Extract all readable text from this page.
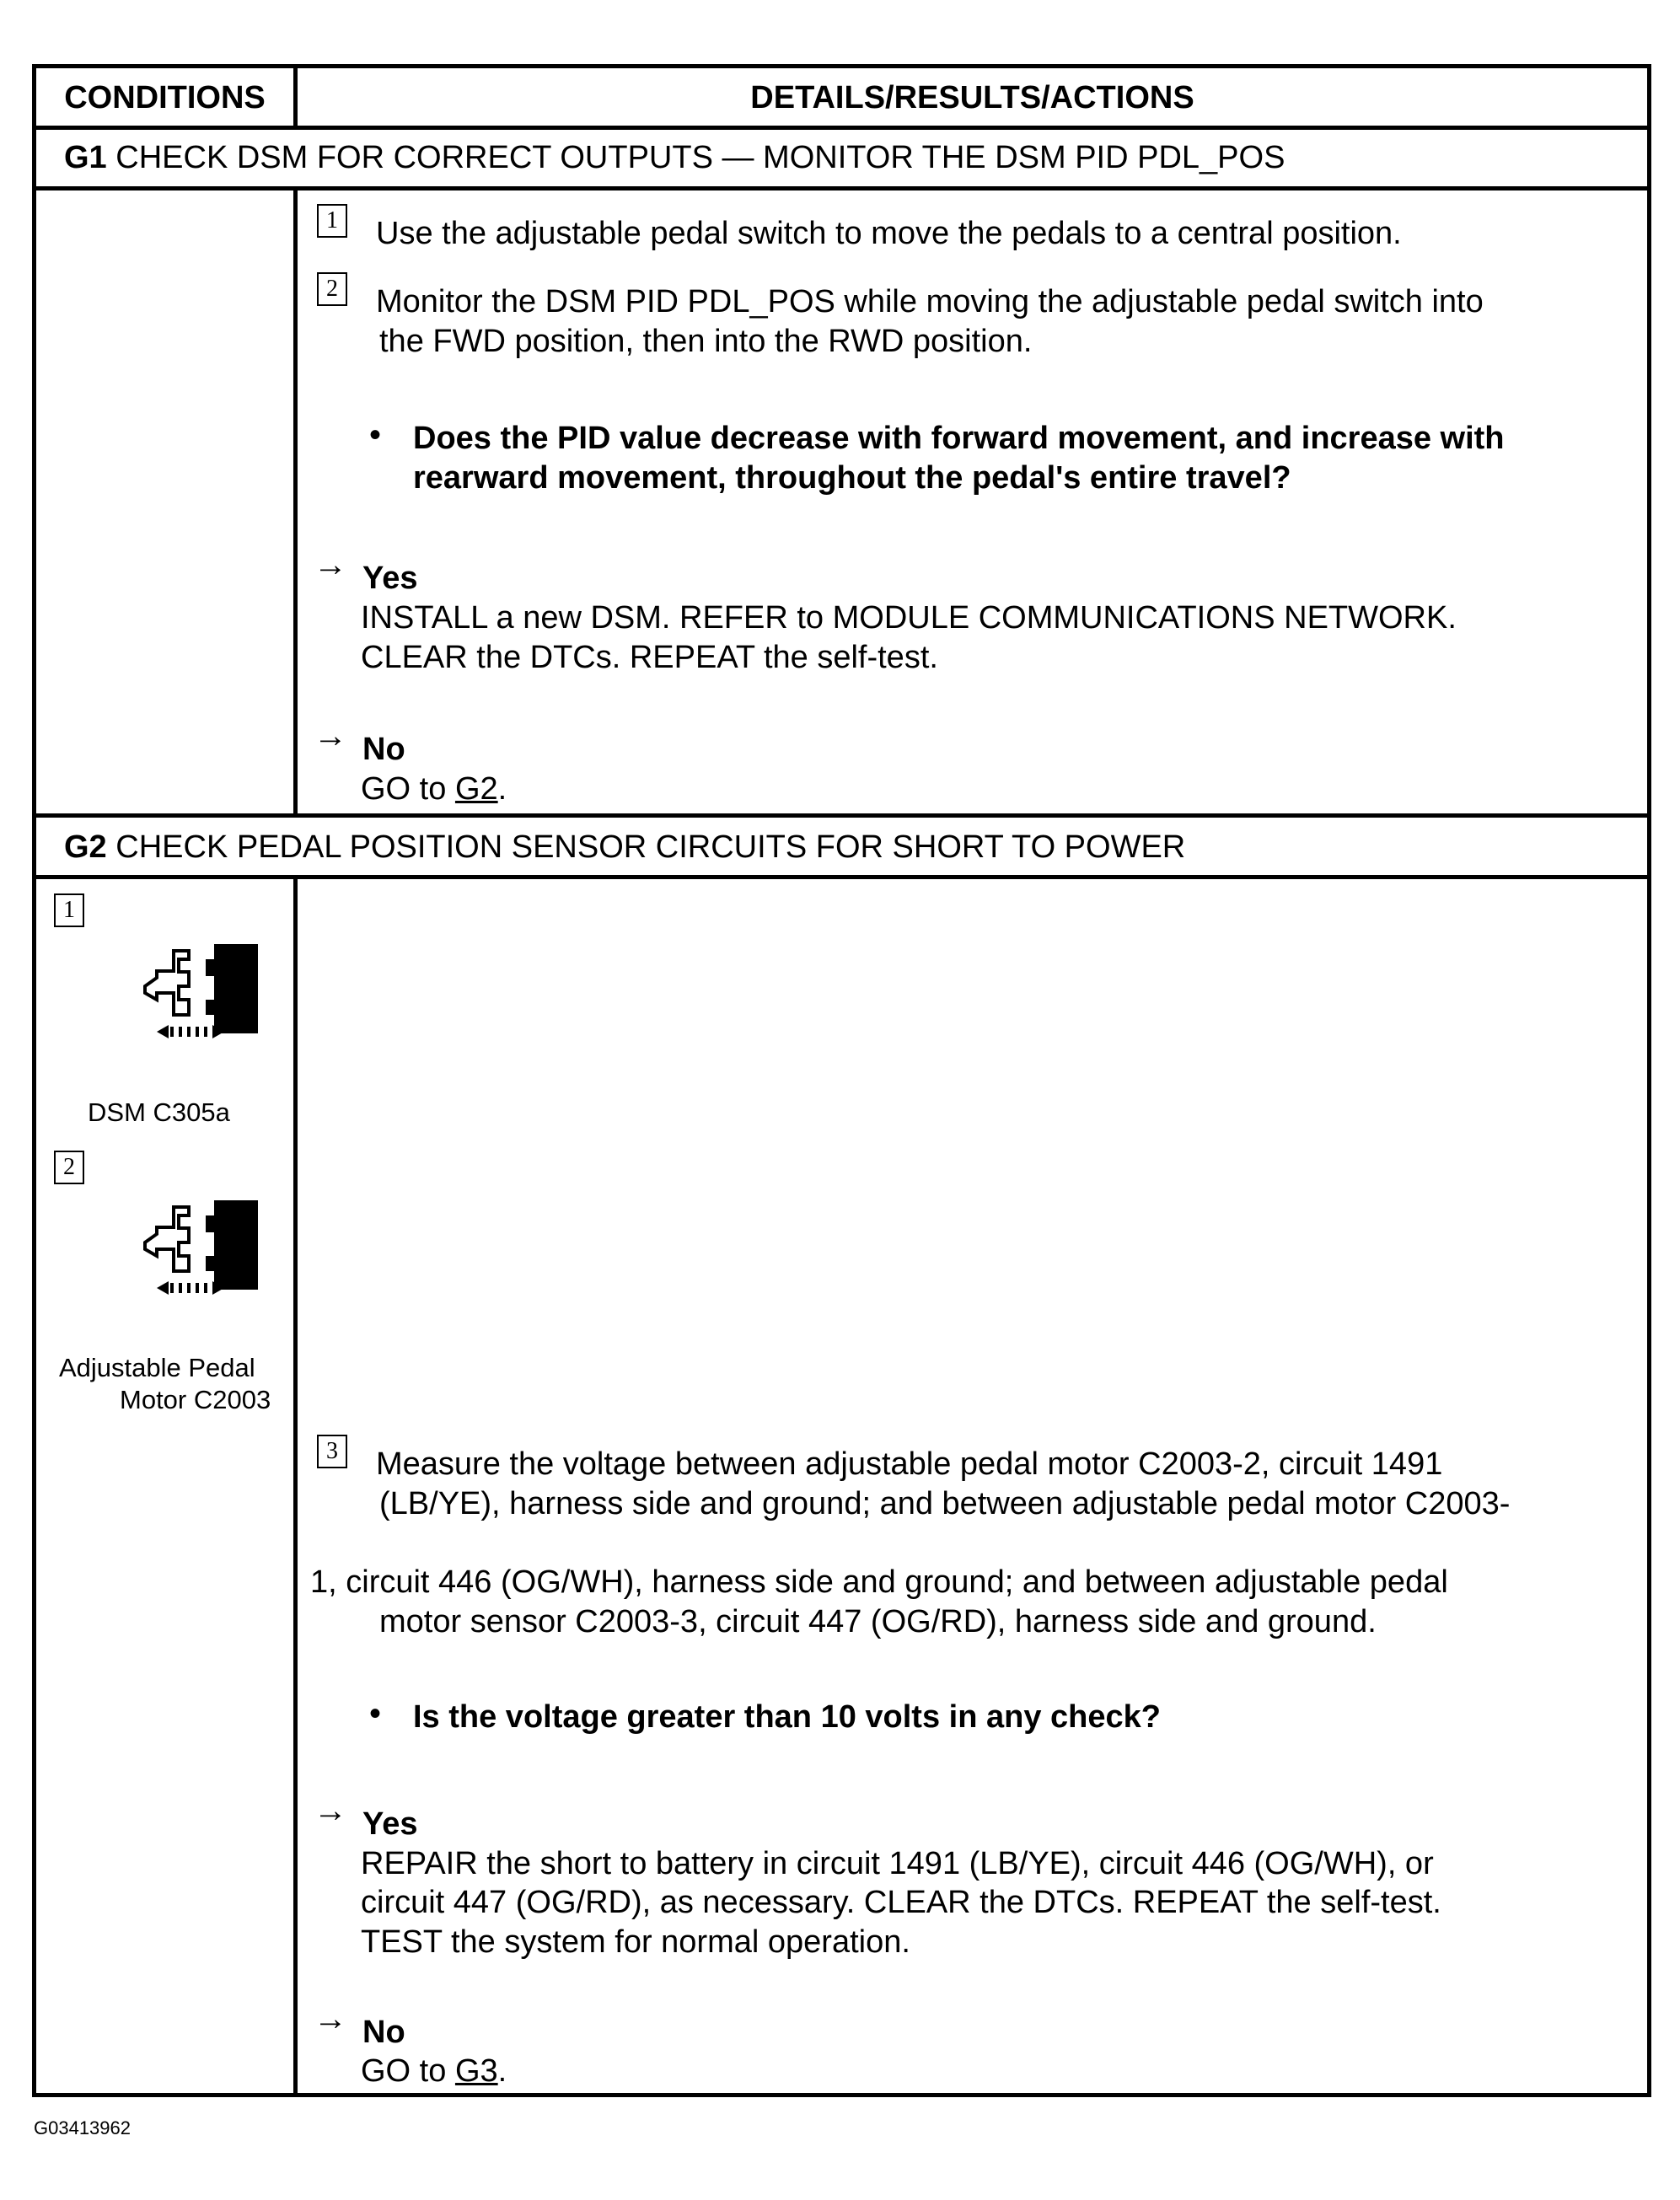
CONDITIONS	DETAILS/RESULTS/ACTIONS
G1 CHECK DSM FOR CORRECT OUTPUTS — MONITOR THE DSM PID PDL_POS
1 Use the adjustable pedal switch to move the pedals to a central position.
2 Monitor the DSM PID PDL_POS while moving the adjustable pedal switch into
the FWD position, then into the RWD position.
• Does the PID value decrease with forward movement, and increase with
rearward movement, throughout the pedal's entire travel?
→ Yes
INSTALL a new DSM. REFER to MODULE COMMUNICATIONS NETWORK.
CLEAR the DTCs. REPEAT the self-test.
→ No
GO to G2.
G2 CHECK PEDAL POSITION SENSOR CIRCUITS FOR SHORT TO POWER
1
DSM C305a
2
Adjustable Pedal
Motor C2003
3 Measure the voltage between adjustable pedal motor C2003-2, circuit 1491
(LB/YE), harness side and ground; and between adjustable pedal motor C2003-
1, circuit 446 (OG/WH), harness side and ground; and between adjustable pedal
motor sensor C2003-3, circuit 447 (OG/RD), harness side and ground.
• Is the voltage greater than 10 volts in any check?
→ Yes
REPAIR the short to battery in circuit 1491 (LB/YE), circuit 446 (OG/WH), or
circuit 447 (OG/RD), as necessary. CLEAR the DTCs. REPEAT the self-test.
TEST the system for normal operation.
→ No
GO to G3.
G03413962
